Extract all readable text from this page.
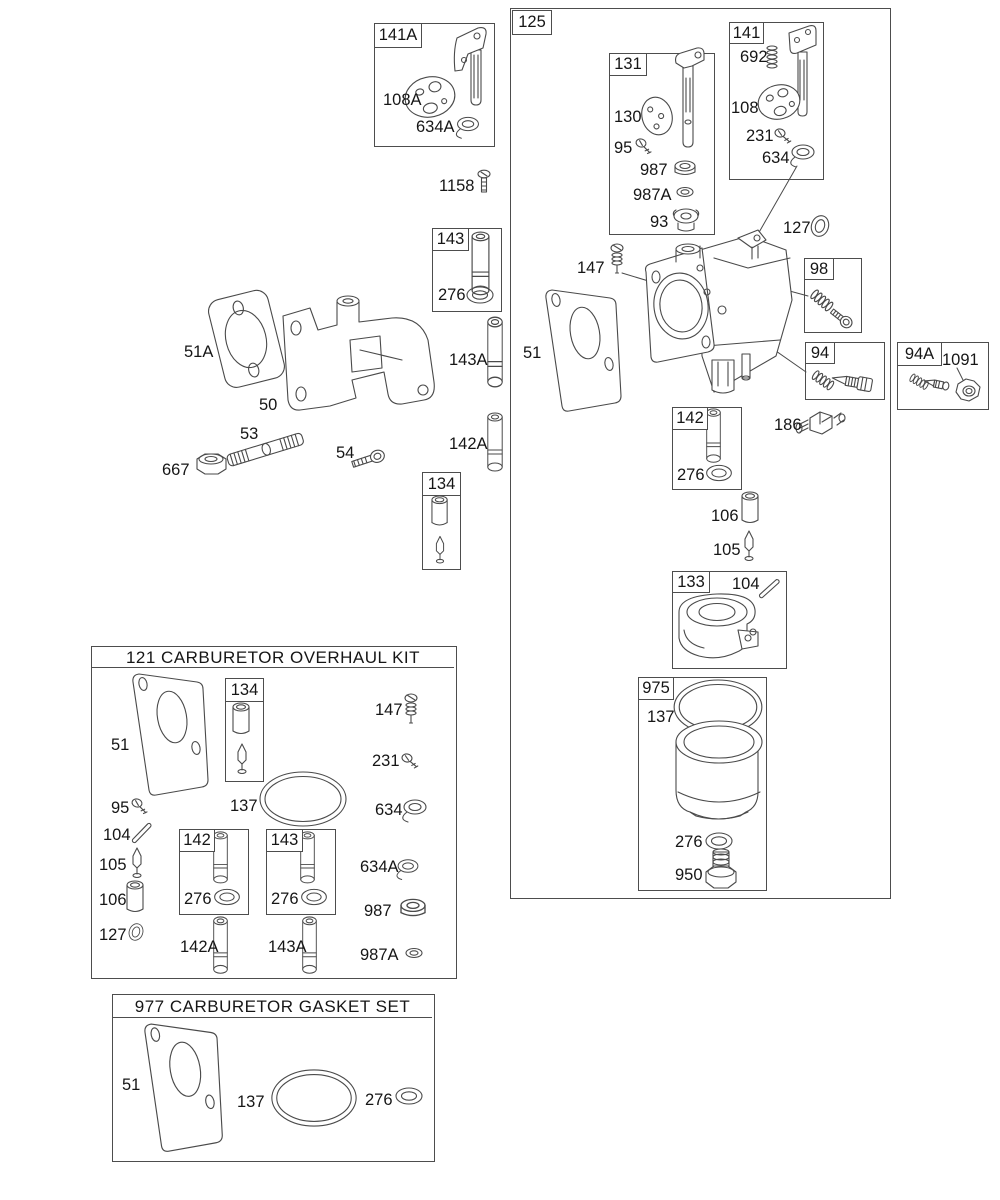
141A
125
131
141
98
94	94A
142
133
975
143
134
134
142	143
121 CARBURETOR OVERHAUL KIT
977 CARBURETOR GASKET SET
108A
634A
1158
276
51A
50
53
667
54
143A
142A
130
95
987
987A
93
692
108
231
634
127
147
51	1091
186
276
106
105
104
137
276
950
51
95	137
147
231
634
104
105
106
127
276	276
142A	143A
634A
987
987A
51
137	276
